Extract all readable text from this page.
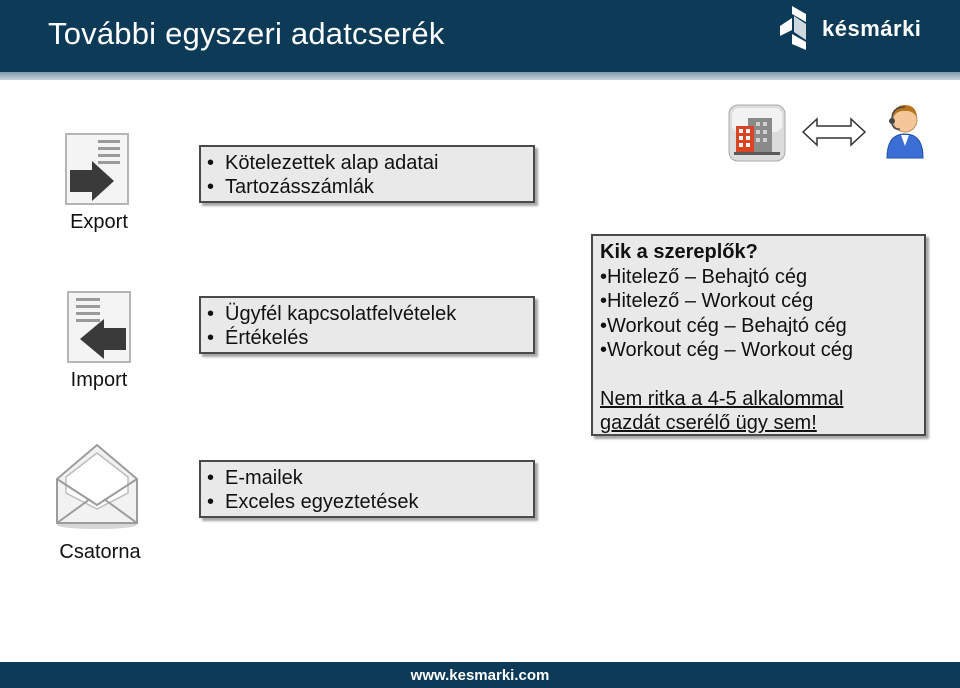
További egyszeri adatcserék	késmárki
Export
Import
Csatorna
• Kötelezettek alap adatai
• Tartozásszámlák
• Ügyfél kapcsolatfelvételek
• Értékelés
• E-mailek
• Exceles egyeztetések
Kik a szereplők?
•Hitelező – Behajtó cég
•Hitelező – Workout cég
•Workout cég – Behajtó cég
•Workout cég – Workout cég
Nem ritka a 4-5 alkalommal
gazdát cserélő ügy sem!
www.kesmarki.com
